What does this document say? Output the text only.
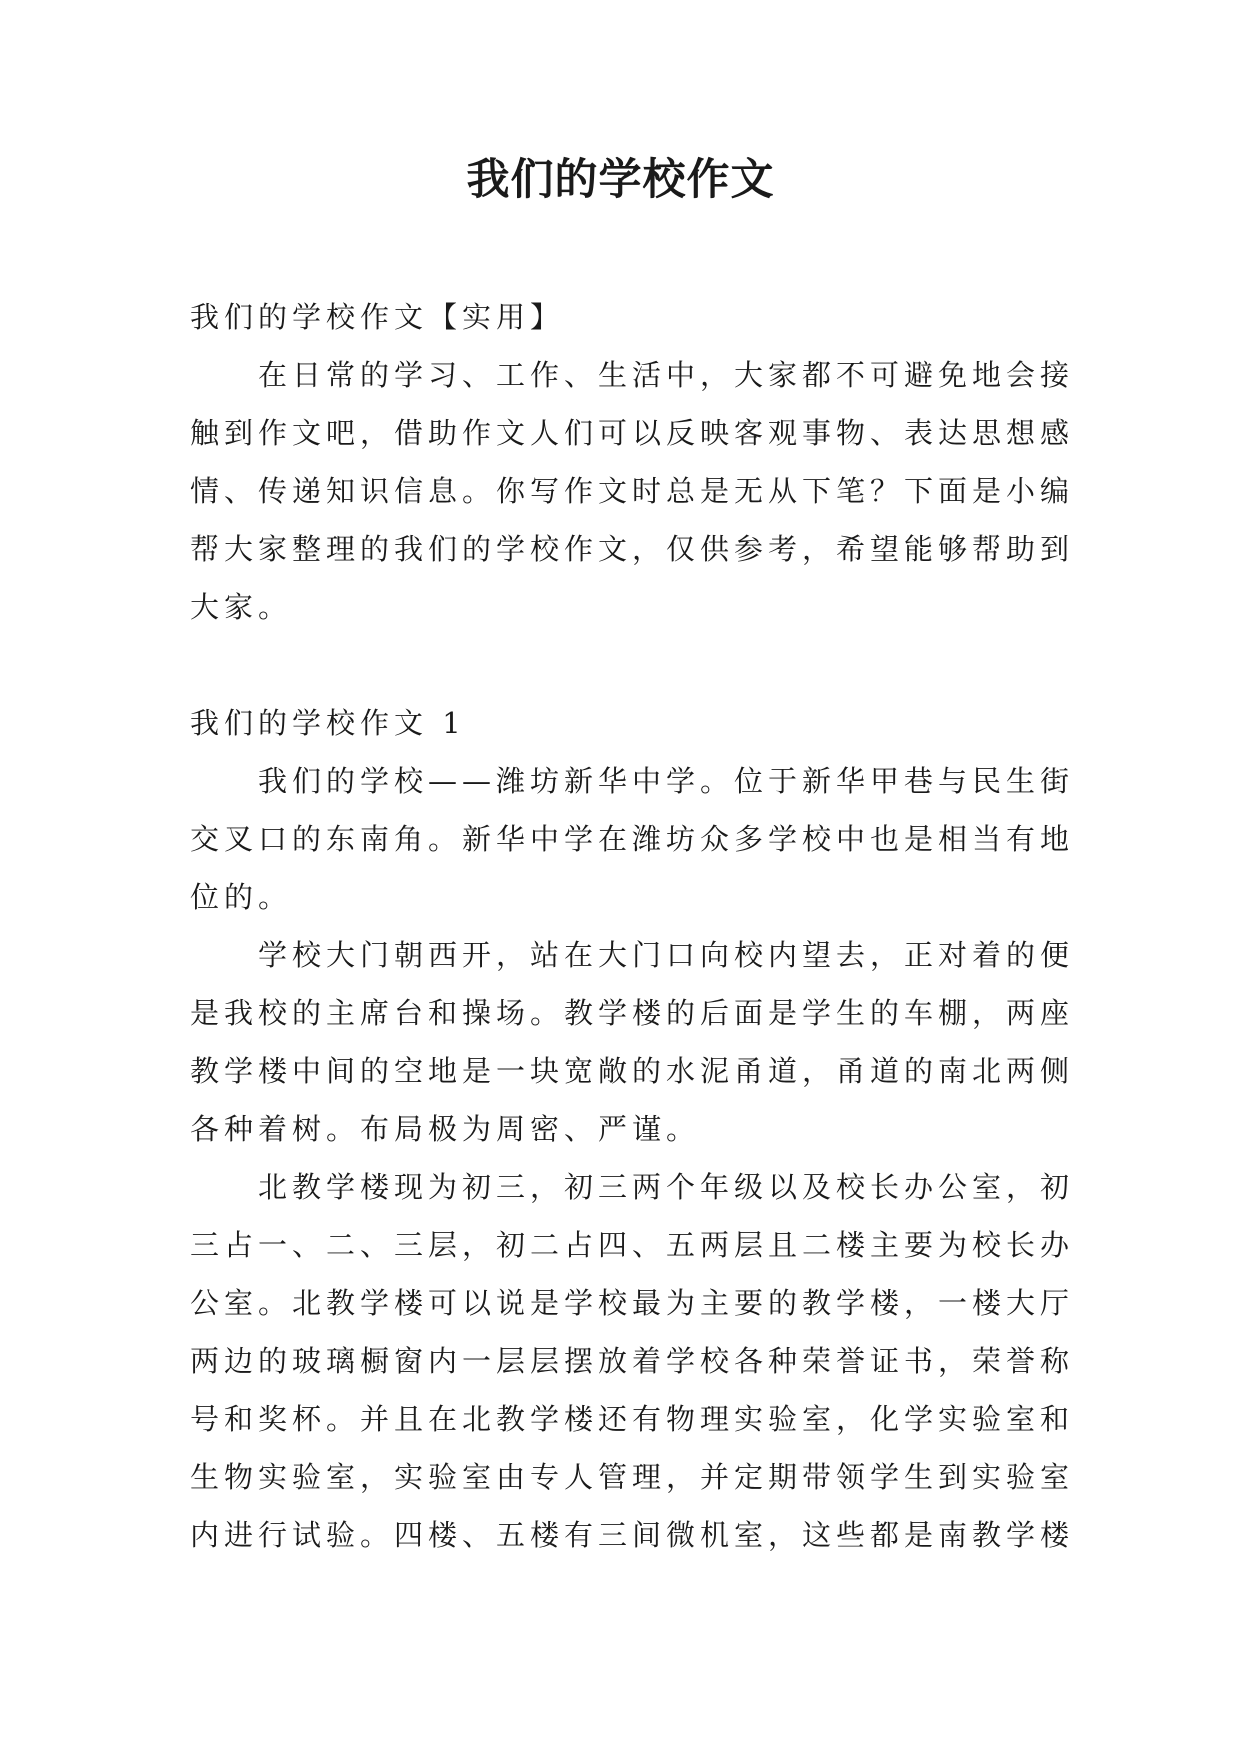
我们的学校作文
我们的学校作文【实用】
在日常的学习、工作、生活中，大家都不可避免地会接
触到作文吧，借助作文人们可以反映客观事物、表达思想感
情、传递知识信息。你写作文时总是无从下笔？下面是小编
帮大家整理的我们的学校作文，仅供参考，希望能够帮助到
大家。
我们的学校作文 1
我们的学校——潍坊新华中学。位于新华甲巷与民生街
交叉口的东南角。新华中学在潍坊众多学校中也是相当有地
位的。
学校大门朝西开，站在大门口向校内望去，正对着的便
是我校的主席台和操场。教学楼的后面是学生的车棚，两座
教学楼中间的空地是一块宽敞的水泥甬道，甬道的南北两侧
各种着树。布局极为周密、严谨。
北教学楼现为初三，初三两个年级以及校长办公室，初
三占一、二、三层，初二占四、五两层且二楼主要为校长办
公室。北教学楼可以说是学校最为主要的教学楼，一楼大厅
两边的玻璃橱窗内一层层摆放着学校各种荣誉证书，荣誉称
号和奖杯。并且在北教学楼还有物理实验室，化学实验室和
生物实验室，实验室由专人管理，并定期带领学生到实验室
内进行试验。四楼、五楼有三间微机室，这些都是南教学楼
